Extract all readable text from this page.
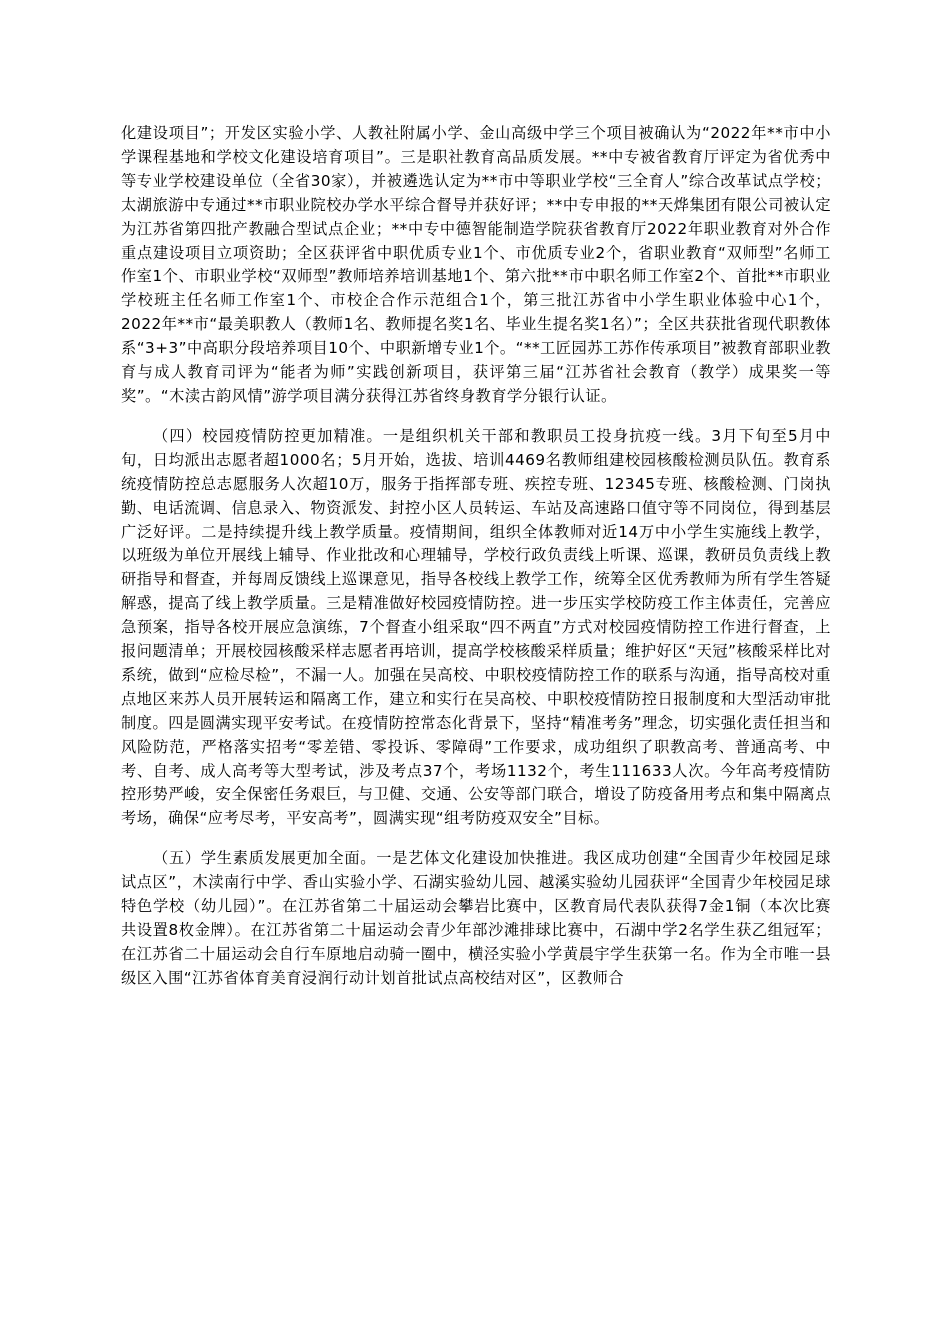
化建设项目”；开发区实验小学、人教社附属小学、金山高级中学三个项目被确认为“2022年**市中小学课程基地和学校文化建设培育项目”。三是职社教育高品质发展。**中专被省教育厅评定为省优秀中等专业学校建设单位（全省30家），并被遴选认定为**市中等职业学校“三全育人”综合改革试点学校；太湖旅游中专通过**市职业院校办学水平综合督导并获好评；**中专申报的**天烨集团有限公司被认定为江苏省第四批产教融合型试点企业；**中专中德智能制造学院获省教育厅2022年职业教育对外合作重点建设项目立项资助；全区获评省中职优质专业1个、市优质专业2个，省职业教育“双师型”名师工作室1个、市职业学校“双师型”教师培养培训基地1个、第六批**市中职名师工作室2个、首批**市职业学校班主任名师工作室1个、市校企合作示范组合1个，第三批江苏省中小学生职业体验中心1个，2022年**市“最美职教人（教师1名、教师提名奖1名、毕业生提名奖1名）”；全区共获批省现代职教体系“3+3”中高职分段培养项目10个、中职新增专业1个。“**工匠园苏工苏作传承项目”被教育部职业教育与成人教育司评为“能者为师”实践创新项目，获评第三届“江苏省社会教育（教学）成果奖一等奖”。“木渎古韵风情”游学项目满分获得江苏省终身教育学分银行认证。

（四）校园疫情防控更加精准。一是组织机关干部和教职员工投身抗疫一线。3月下旬至5月中旬，日均派出志愿者超1000名；5月开始，选拔、培训4469名教师组建校园核酸检测员队伍。教育系统疫情防控总志愿服务人次超10万，服务于指挥部专班、疾控专班、12345专班、核酸检测、门岗执勤、电话流调、信息录入、物资派发、封控小区人员转运、车站及高速路口值守等不同岗位，得到基层广泛好评。二是持续提升线上教学质量。疫情期间，组织全体教师对近14万中小学生实施线上教学，以班级为单位开展线上辅导、作业批改和心理辅导，学校行政负责线上听课、巡课，教研员负责线上教研指导和督查，并每周反馈线上巡课意见，指导各校线上教学工作，统筹全区优秀教师为所有学生答疑解惑，提高了线上教学质量。三是精准做好校园疫情防控。进一步压实学校防疫工作主体责任，完善应急预案，指导各校开展应急演练，7个督查小组采取“四不两直”方式对校园疫情防控工作进行督查，上报问题清单；开展校园核酸采样志愿者再培训，提高学校核酸采样质量；维护好区“天冠”核酸采样比对系统，做到“应检尽检”，不漏一人。加强在吴高校、中职校疫情防控工作的联系与沟通，指导高校对重点地区来苏人员开展转运和隔离工作，建立和实行在吴高校、中职校疫情防控日报制度和大型活动审批制度。四是圆满实现平安考试。在疫情防控常态化背景下，坚持“精准考务”理念，切实强化责任担当和风险防范，严格落实招考“零差错、零投诉、零障碍”工作要求，成功组织了职教高考、普通高考、中考、自考、成人高考等大型考试，涉及考点37个，考场1132个，考生111633人次。今年高考疫情防控形势严峻，安全保密任务艰巨，与卫健、交通、公安等部门联合，增设了防疫备用考点和集中隔离点考场，确保“应考尽考，平安高考”，圆满实现“组考防疫双安全”目标。

（五）学生素质发展更加全面。一是艺体文化建设加快推进。我区成功创建“全国青少年校园足球试点区”，木渎南行中学、香山实验小学、石湖实验幼儿园、越溪实验幼儿园获评“全国青少年校园足球特色学校（幼儿园）”。在江苏省第二十届运动会攀岩比赛中，区教育局代表队获得7金1铜（本次比赛共设置8枚金牌）。在江苏省第二十届运动会青少年部沙滩排球比赛中，石湖中学2名学生获乙组冠军；在江苏省二十届运动会自行车原地启动骑一圈中，横泾实验小学黄晨宇学生获第一名。作为全市唯一县级区入围“江苏省体育美育浸润行动计划首批试点高校结对区”，区教师合
